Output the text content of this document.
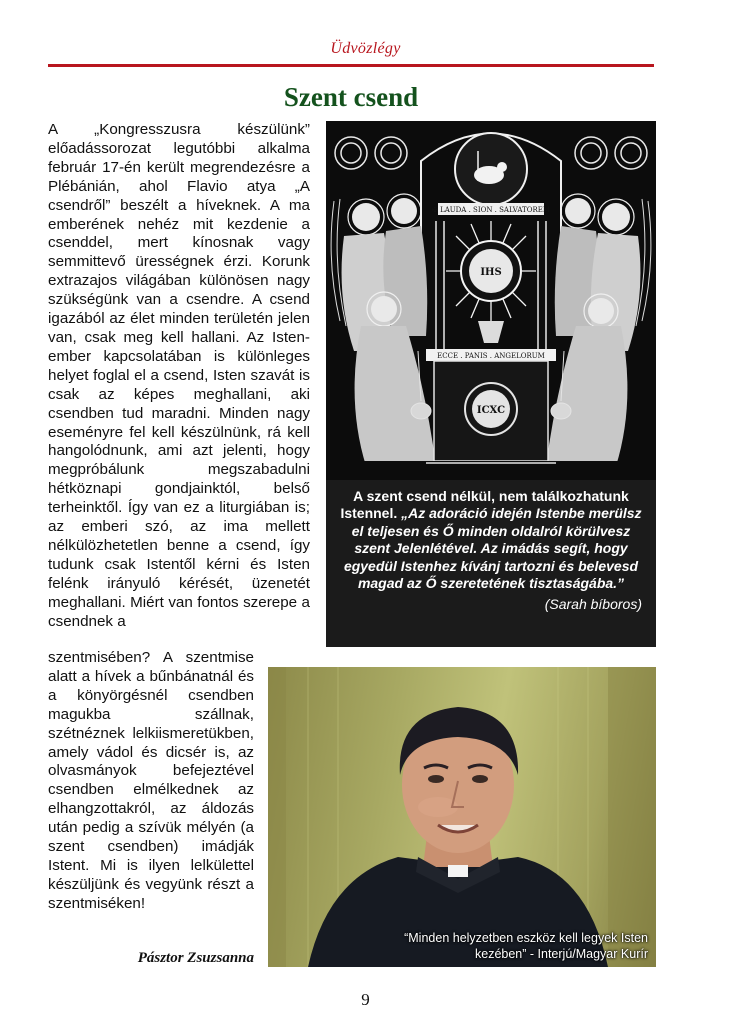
Üdvözlégy
Szent csend

A „Kongresszusra készülünk” előadássorozat legutóbbi alkalma február 17-én került megrendezésre a Plébánián, ahol Flavio atya „A csendről” beszélt a híveknek. A ma emberének nehéz mit kezdenie a csenddel, mert kínosnak vagy semmittevő ürességnek érzi. Korunk extrazajos világában különösen nagy szükségünk van a csendre. A csend igazából az élet minden területén jelen van, csak meg kell hallani. Az Isten-ember kapcsolatában is különleges helyet foglal el a csend, Isten szavát is csak az képes meghallani, aki csendben tud maradni. Minden nagy eseményre fel kell készülnünk, rá kell hangolódnunk, ami azt jelenti, hogy megpróbálunk megszabadulni hétköznapi gondjainktól, belső terheinktől. Így van ez a liturgiában is; az emberi szó, az ima mellett nélkülözhetetlen benne a csend, így tudunk csak Istentől kérni és Isten felénk irányuló kérését, üzenetét meghallani. Miért van fontos szerepe a csendnek a

szentmisében? A szentmise alatt a hívek a bűnbánatnál és a könyörgésnél csendben magukba szállnak, szétnéznek lelkiismeretükben, amely vádol és dicsér is, az olvasmányok befejeztével csendben elmélkednek az elhangzottakról, az áldozás után pedig a szívük mélyén (a szent csendben) imádják Istent. Mi is ilyen lelkülettel készüljünk és vegyünk részt a szentmiséken!

Pásztor Zsuzsanna

✠ LAUDA . SION . SALVATOREM
IHS
ECCE . PANIS . ANGELORUM
ICXC
A szent csend nélkül, nem találkozhatunk Istennel. „Az adoráció idején Istenbe merülsz el teljesen és Ő minden oldalról körülvesz szent Jelenlétével. Az imádás segít, hogy egyedül Istenhez kívánj tartozni és belevesd magad az Ő szeretetének tisztaságába.”
(Sarah bíboros)
“Minden helyzetben eszköz kell legyek Isten kezében” - Interjú/Magyar Kurír
9
